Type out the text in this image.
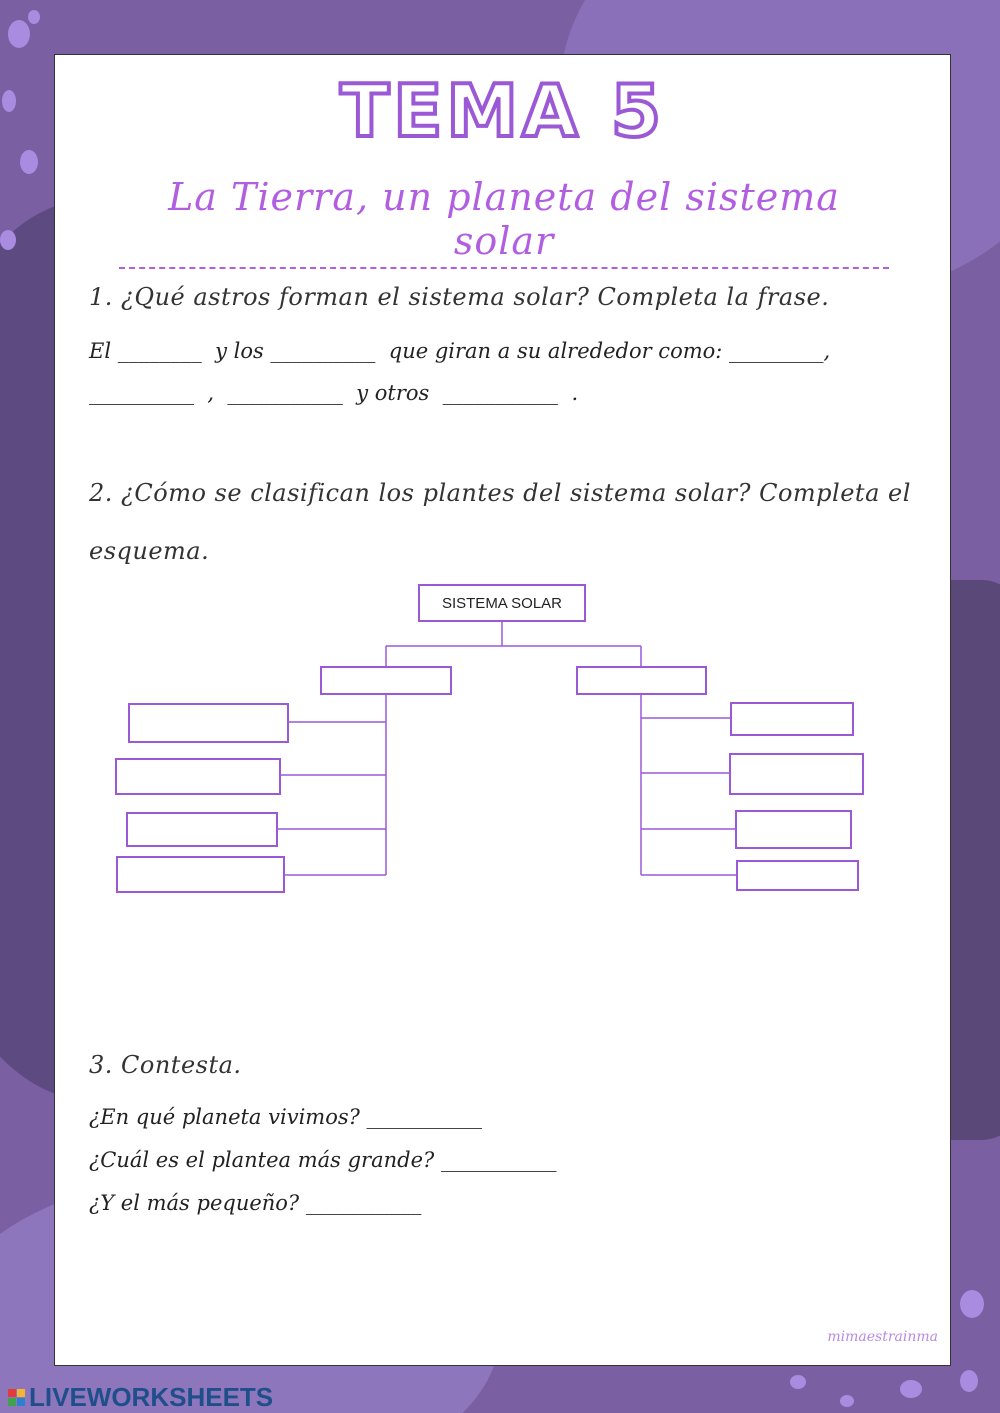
TEMA 5
La Tierra, un planeta del sistema solar
1. ¿Qué astros forman el sistema solar? Completa la frase.
El ________  y los __________  que giran a su alrededor como: _________,
__________  ,  ___________  y otros  ___________  .
2. ¿Cómo se clasifican los plantes del sistema solar? Completa el
esquema.
SISTEMA SOLAR
3. Contesta.
¿En qué planeta vivimos? ___________
¿Cuál es el plantea más grande? ___________
¿Y el más pequeño? ___________
mimaestrainma
LIVEWORKSHEETS
